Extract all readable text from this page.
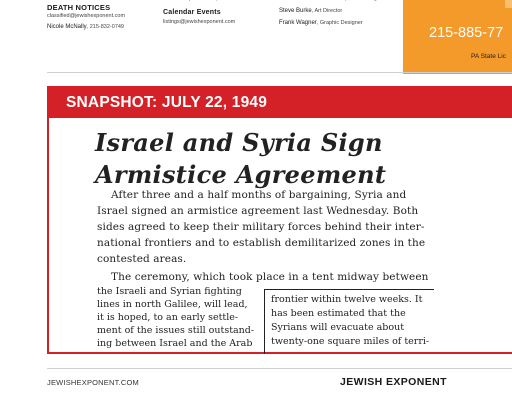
DEATH NOTICES
classified@jewishexponent.com
Nicole McNally, 215-832-0749
Calendar Events
listings@jewishexponent.com
Steve Burke, Art Director
Frank Wagner, Graphic Designer
215-885-77
PA State Lic
SNAPSHOT: JULY 22, 1949
Israel and Syria Sign
Armistice Agreement
After three and a half months of bargaining, Syria and
Israel signed an armistice agreement last Wednesday. Both
sides agreed to keep their military forces behind their inter-
national frontiers and to establish demilitarized zones in the
contested areas.
The ceremony, which took place in a tent midway between
the Israeli and Syrian fighting
lines in north Galilee, will lead,
it is hoped, to an early settle-
ment of the issues still outstand-
ing between Israel and the Arab
frontier within twelve weeks. It
has been estimated that the
Syrians will evacuate about
twenty-one square miles of terri-
JEWISHEXPONENT.COM	JEWISH EXPONENT
